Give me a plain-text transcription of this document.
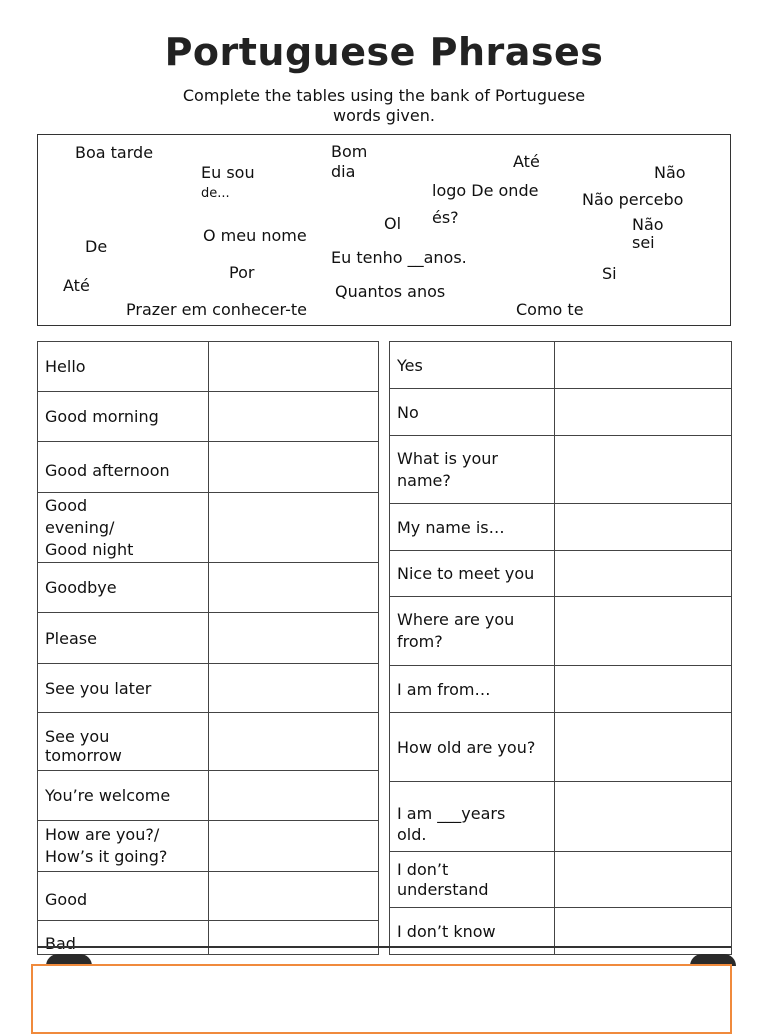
Portuguese Phrases
Complete the tables using the bank of Portuguese
words given.
Boa tarde
Eu sou
de...
Bom
dia
Até
Não
logo De onde
és?
Não percebo
Ol	Não
sei
De
O meu nome
Eu tenho __anos.
Por	Si
Até	Quantos anos
Prazer em conhecer-te	Como te
Hello	
Good morning	
Good afternoon	

Good
evening/
Good night	

Goodbye	
Please	
See you later	

See you
tomorrow	

You’re welcome	

How are you?/
How’s it going?	

Good	
Bad	
Yes	
No	

What is your
name?	

My name is…	
Nice to meet you	

Where are you
from?	

I am from…	
How old are you?	

I am ___years
old.	

I don’t
understand	

I don’t know	
